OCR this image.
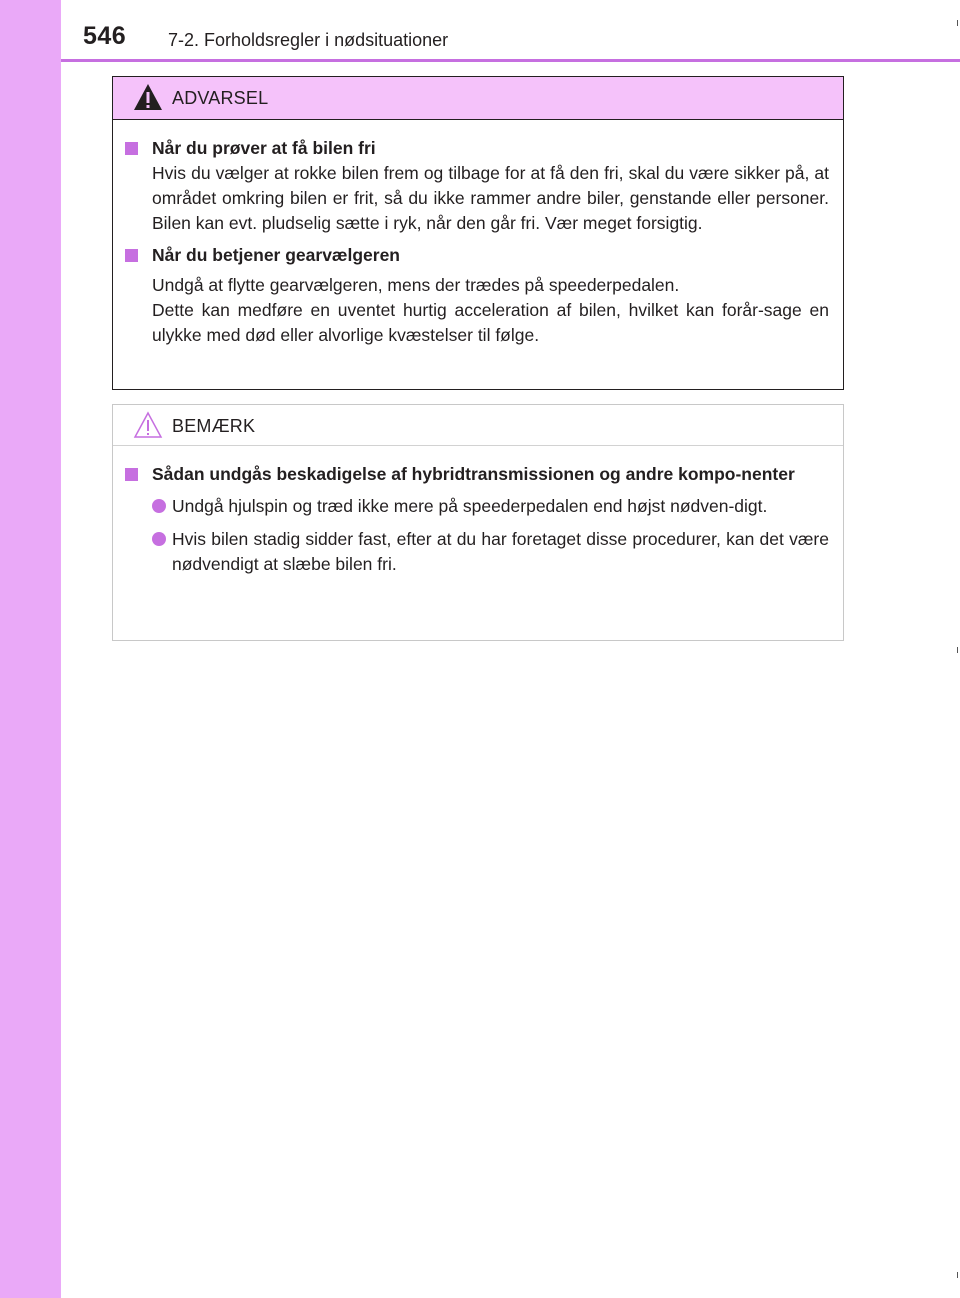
546 7-2. Forholdsregler i nødsituationer
ADVARSEL
Når du prøver at få bilen fri
Hvis du vælger at rokke bilen frem og tilbage for at få den fri, skal du være sikker på, at området omkring bilen er frit, så du ikke rammer andre biler, genstande eller personer. Bilen kan evt. pludselig sætte i ryk, når den går fri. Vær meget forsigtig.
Når du betjener gearvælgeren
Undgå at flytte gearvælgeren, mens der trædes på speederpedalen.
Dette kan medføre en uventet hurtig acceleration af bilen, hvilket kan forår-sage en ulykke med død eller alvorlige kvæstelser til følge.
BEMÆRK
Sådan undgås beskadigelse af hybridtransmissionen og andre kompo-nenter
Undgå hjulspin og træd ikke mere på speederpedalen end højst nødven-digt.
Hvis bilen stadig sidder fast, efter at du har foretaget disse procedurer, kan det være nødvendigt at slæbe bilen fri.
